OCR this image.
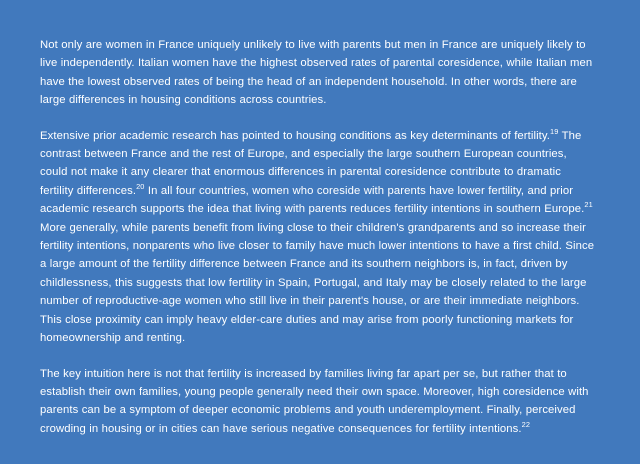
Not only are women in France uniquely unlikely to live with parents but men in France are uniquely likely to live independently. Italian women have the highest observed rates of parental coresidence, while Italian men have the lowest observed rates of being the head of an independent household. In other words, there are large differences in housing conditions across countries.

Extensive prior academic research has pointed to housing conditions as key determinants of fertility.$^{19}$ The contrast between France and the rest of Europe, and especially the large southern European countries, could not make it any clearer that enormous differences in parental coresidence contribute to dramatic fertility differences.$^{20}$ In all four countries, women who coreside with parents have lower fertility, and prior academic research supports the idea that living with parents reduces fertility intentions in southern Europe.$^{21}$ More generally, while parents benefit from living close to their children's grandparents and so increase their fertility intentions, nonparents who live closer to family have much lower intentions to have a first child. Since a large amount of the fertility difference between France and its southern neighbors is, in fact, driven by childlessness, this suggests that low fertility in Spain, Portugal, and Italy may be closely related to the large number of reproductive-age women who still live in their parent's house, or are their immediate neighbors. This close proximity can imply heavy elder-care duties and may arise from poorly functioning markets for homeownership and renting.

The key intuition here is not that fertility is increased by families living far apart per se, but rather that to establish their own families, young people generally need their own space. Moreover, high coresidence with parents can be a symptom of deeper economic problems and youth underemployment. Finally, perceived crowding in housing or in cities can have serious negative consequences for fertility intentions.$^{22}$
